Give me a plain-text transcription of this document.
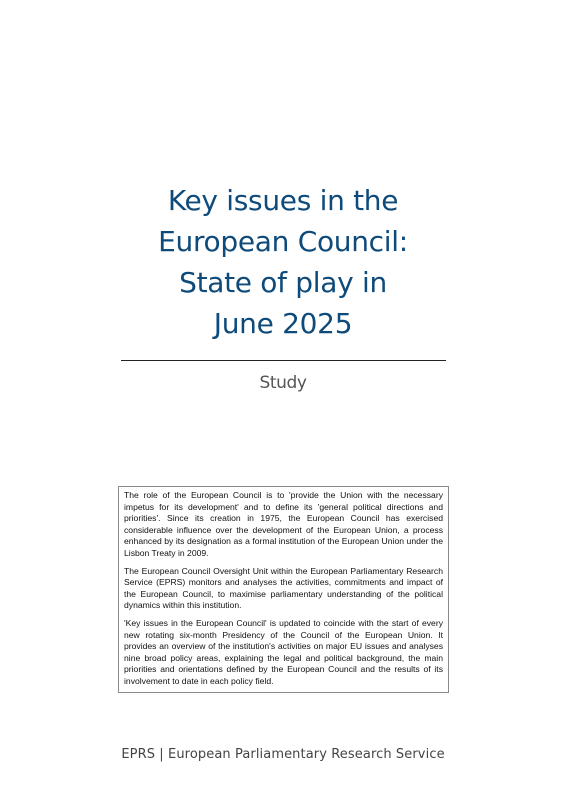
Key issues in the
European Council:
State of play in
June 2025
Study

The role of the European Council is to 'provide the Union with the necessary impetus for its development' and to define its 'general political directions and priorities'. Since its creation in 1975, the European Council has exercised considerable influence over the development of the European Union, a process enhanced by its designation as a formal institution of the European Union under the Lisbon Treaty in 2009.

The European Council Oversight Unit within the European Parliamentary Research Service (EPRS) monitors and analyses the activities, commitments and impact of the European Council, to maximise parliamentary understanding of the political dynamics within this institution.

'Key issues in the European Council' is updated to coincide with the start of every new rotating six-month Presidency of the Council of the European Union. It provides an overview of the institution's activities on major EU issues and analyses nine broad policy areas, explaining the legal and political background, the main priorities and orientations defined by the European Council and the results of its involvement to date in each policy field.

EPRS | European Parliamentary Research Service
